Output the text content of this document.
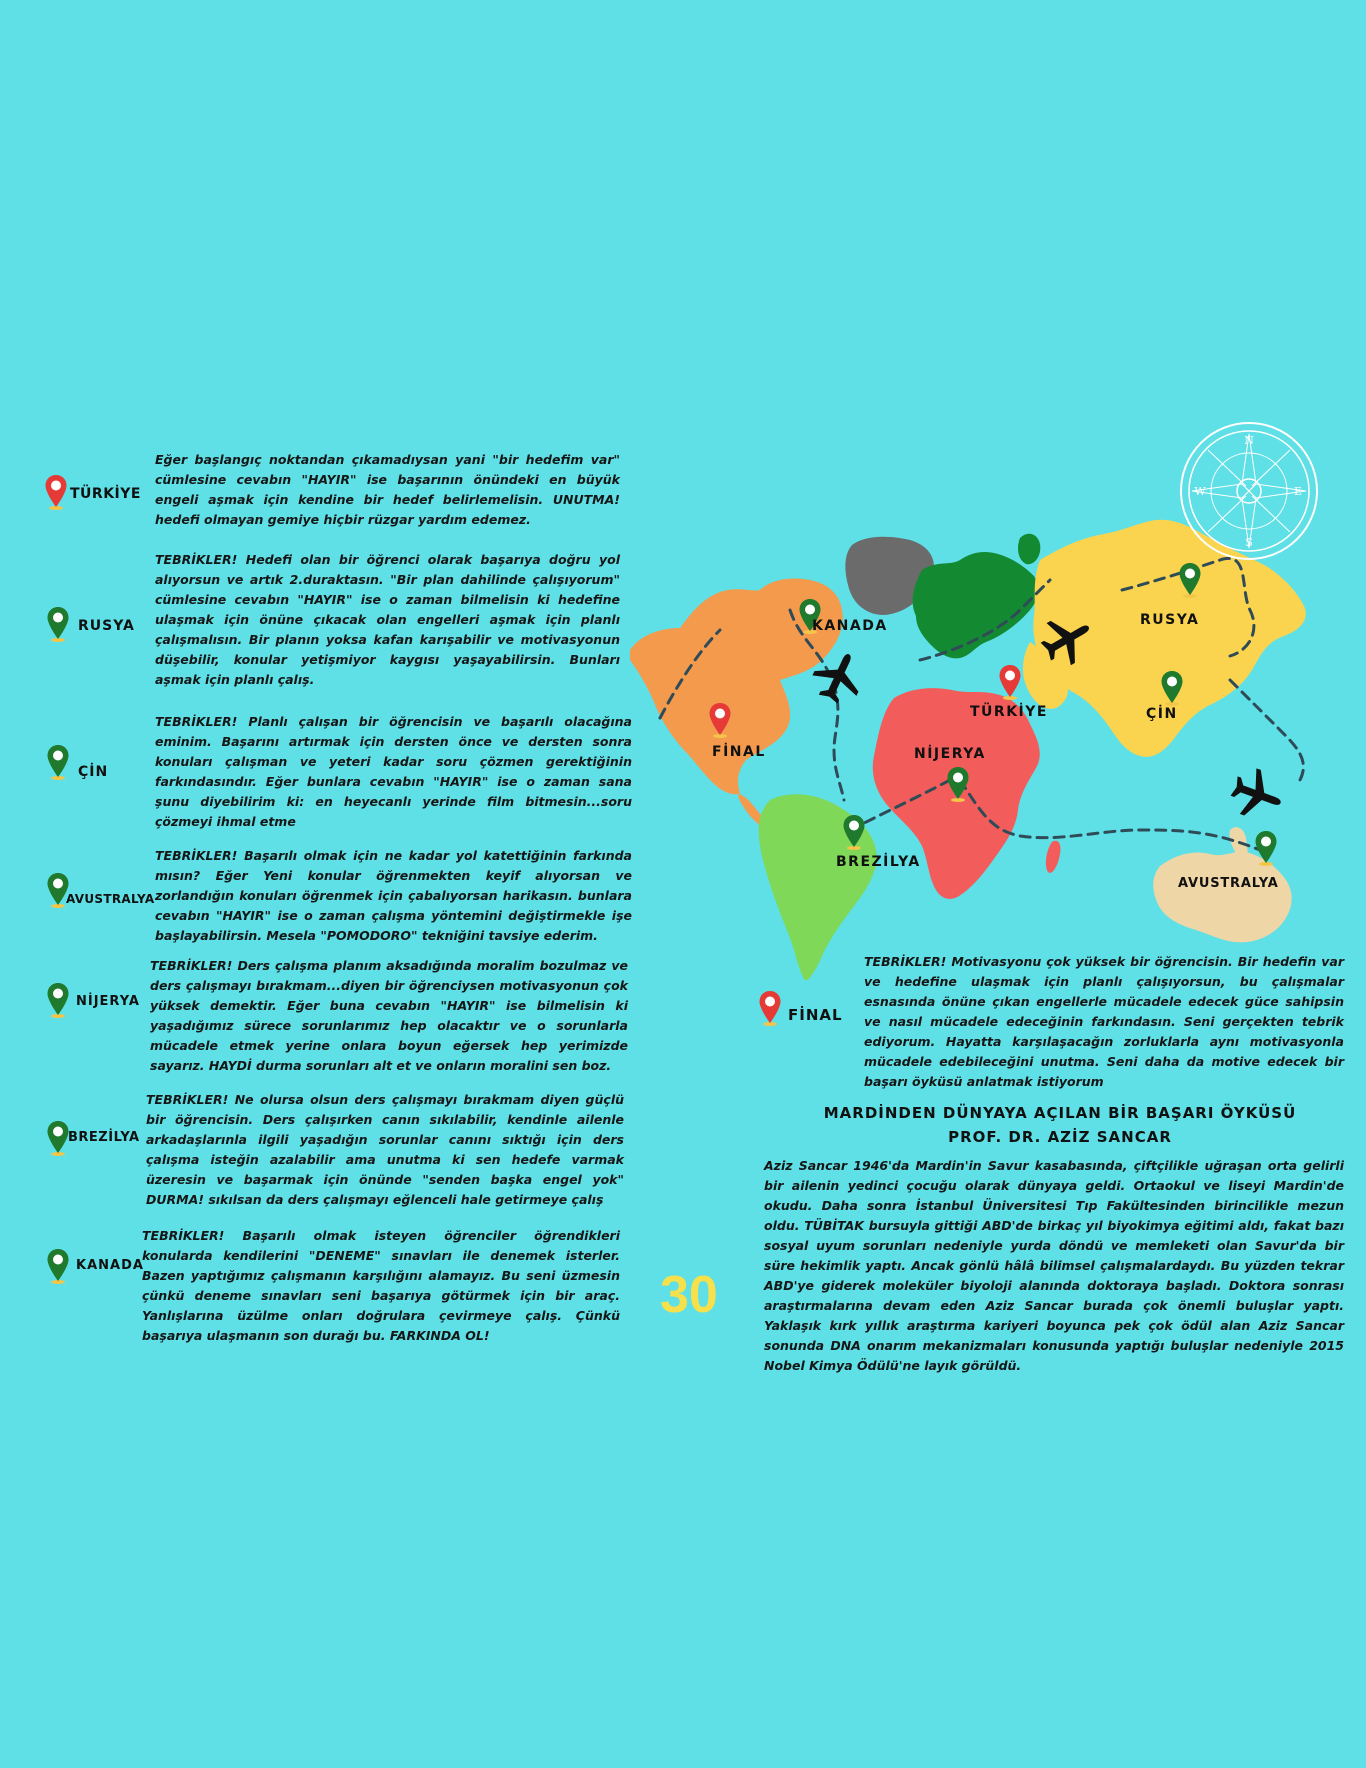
TÜRKİYE

Eğer başlangıç noktandan çıkamadıysan yani "bir hedefim var" cümlesine cevabın "HAYIR" ise başarının önündeki en büyük engeli aşmak için kendine bir hedef belirlemelisin. UNUTMA! hedefi olmayan gemiye hiçbir rüzgar yardım edemez.

RUSYA

TEBRİKLER! Hedefi olan bir öğrenci olarak başarıya doğru yol alıyorsun ve artık 2.duraktasın. "Bir plan dahilinde çalışıyorum" cümlesine cevabın "HAYIR" ise o zaman bilmelisin ki hedefine ulaşmak için önüne çıkacak olan engelleri aşmak için planlı çalışmalısın. Bir planın yoksa kafan karışabilir ve motivasyonun düşebilir, konular yetişmiyor kaygısı yaşayabilirsin. Bunları aşmak için planlı çalış.

ÇİN

TEBRİKLER! Planlı çalışan bir öğrencisin ve başarılı olacağına eminim. Başarını artırmak için dersten önce ve dersten sonra konuları çalışman ve yeteri kadar soru çözmen gerektiğinin farkındasındır. Eğer bunlara cevabın "HAYIR" ise o zaman sana şunu diyebilirim ki: en heyecanlı yerinde film bitmesin...soru çözmeyi ihmal etme

AVUSTRALYA

TEBRİKLER! Başarılı olmak için ne kadar yol katettiğinin farkında mısın? Eğer Yeni konular öğrenmekten keyif alıyorsan ve zorlandığın konuları öğrenmek için çabalıyorsan harikasın. bunlara cevabın "HAYIR" ise o zaman çalışma yöntemini değiştirmekle işe başlayabilirsin. Mesela "POMODORO" tekniğini tavsiye ederim.

NİJERYA

TEBRİKLER! Ders çalışma planım aksadığında moralim bozulmaz ve ders çalışmayı bırakmam...diyen bir öğrenciysen motivasyonun çok yüksek demektir. Eğer buna cevabın "HAYIR" ise bilmelisin ki yaşadığımız sürece sorunlarımız hep olacaktır ve o sorunlarla mücadele etmek yerine onlara boyun eğersek hep yerimizde sayarız. HAYDİ durma sorunları alt et ve onların moralini sen boz.

BREZİLYA

TEBRİKLER! Ne olursa olsun ders çalışmayı bırakmam diyen güçlü bir öğrencisin. Ders çalışırken canın sıkılabilir, kendinle ailenle arkadaşlarınla ilgili yaşadığın sorunlar canını sıktığı için ders çalışma isteğin azalabilir ama unutma ki sen hedefe varmak üzeresin ve başarmak için önünde "senden başka engel yok" DURMA! sıkılsan da ders çalışmayı eğlenceli hale getirmeye çalış

KANADA

TEBRİKLER! Başarılı olmak isteyen öğrenciler öğrendikleri konularda kendilerini "DENEME" sınavları ile denemek isterler. Bazen yaptığımız çalışmanın karşılığını alamayız. Bu seni üzmesin çünkü deneme sınavları seni başarıya götürmek için bir araç. Yanlışlarına üzülme onları doğrulara çevirmeye çalış. Çünkü başarıya ulaşmanın son durağı bu. FARKINDA OL!

30
KANADA
FİNAL
TÜRKİYE
RUSYA
ÇİN
NİJERYA
BREZİLYA
AVUSTRALYA
N
S
W	E
FİNAL

TEBRİKLER! Motivasyonu çok yüksek bir öğrencisin. Bir hedefin var ve hedefine ulaşmak için planlı çalışıyorsun, bu çalışmalar esnasında önüne çıkan engellerle mücadele edecek güce sahipsin ve nasıl mücadele edeceğinin farkındasın. Seni gerçekten tebrik ediyorum. Hayatta karşılaşacağın zorluklarla aynı motivasyonla mücadele edebileceğini unutma. Seni daha da motive edecek bir başarı öyküsü anlatmak istiyorum

MARDİNDEN DÜNYAYA AÇILAN BİR BAŞARI ÖYKÜSÜ
PROF. DR. AZİZ SANCAR

Aziz Sancar 1946'da Mardin'in Savur kasabasında, çiftçilikle uğraşan orta gelirli bir ailenin yedinci çocuğu olarak dünyaya geldi. Ortaokul ve liseyi Mardin'de okudu. Daha sonra İstanbul Üniversitesi Tıp Fakültesinden birincilikle mezun oldu. TÜBİTAK bursuyla gittiği ABD'de birkaç yıl biyokimya eğitimi aldı, fakat bazı sosyal uyum sorunları nedeniyle yurda döndü ve memleketi olan Savur'da bir süre hekimlik yaptı. Ancak gönlü hâlâ bilimsel çalışmalardaydı. Bu yüzden tekrar ABD'ye giderek moleküler biyoloji alanında doktoraya başladı. Doktora sonrası araştırmalarına devam eden Aziz Sancar burada çok önemli buluşlar yaptı. Yaklaşık kırk yıllık araştırma kariyeri boyunca pek çok ödül alan Aziz Sancar sonunda DNA onarım mekanizmaları konusunda yaptığı buluşlar nedeniyle 2015 Nobel Kimya Ödülü'ne layık görüldü.
